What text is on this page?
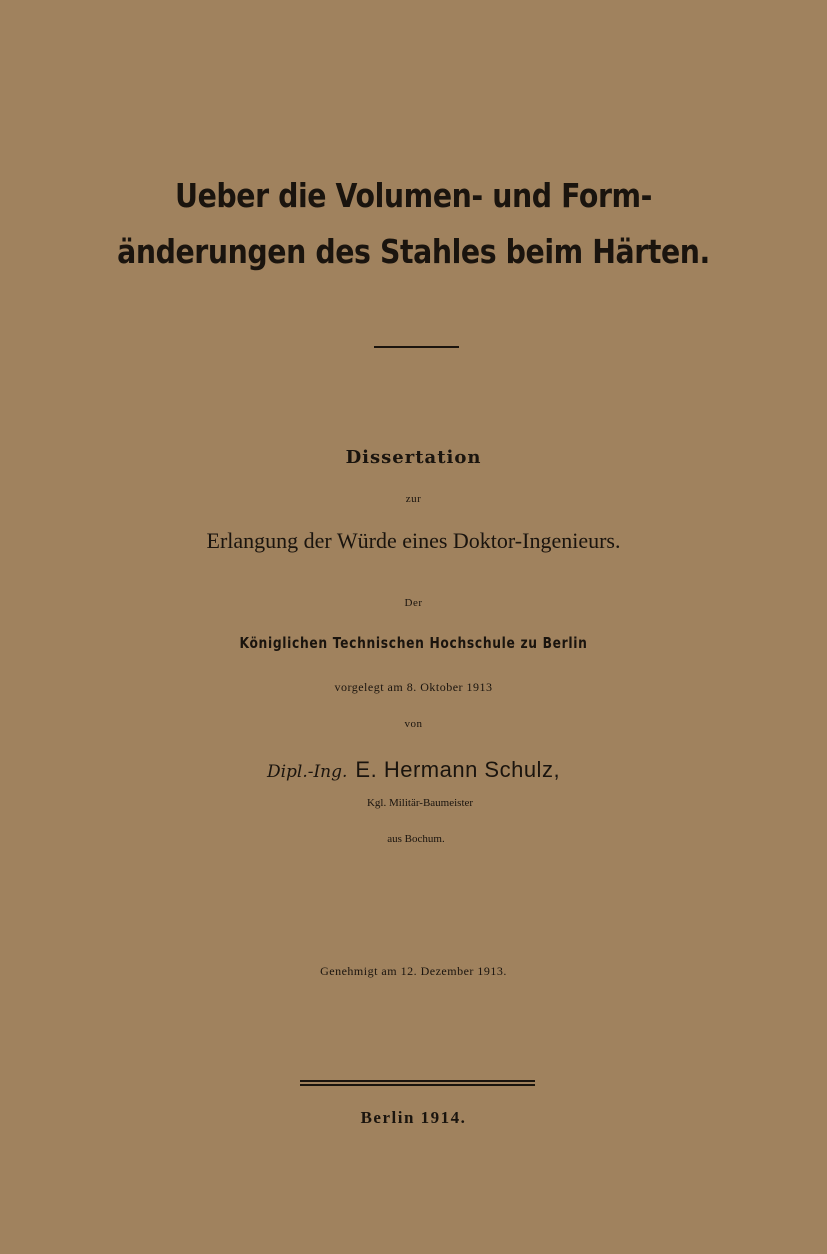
Ueber die Volumen- und Form-
änderungen des Stahles beim Härten.

Dissertation

zur

Erlangung der Würde eines Doktor-Ingenieurs.

Der

Königlichen Technischen Hochschule zu Berlin

vorgelegt am 8. Oktober 1913

von

Dipl.-Ing. E. Hermann Schulz,

Kgl. Militär-Baumeister

aus Bochum.

Genehmigt am 12. Dezember 1913.

Berlin 1914.
